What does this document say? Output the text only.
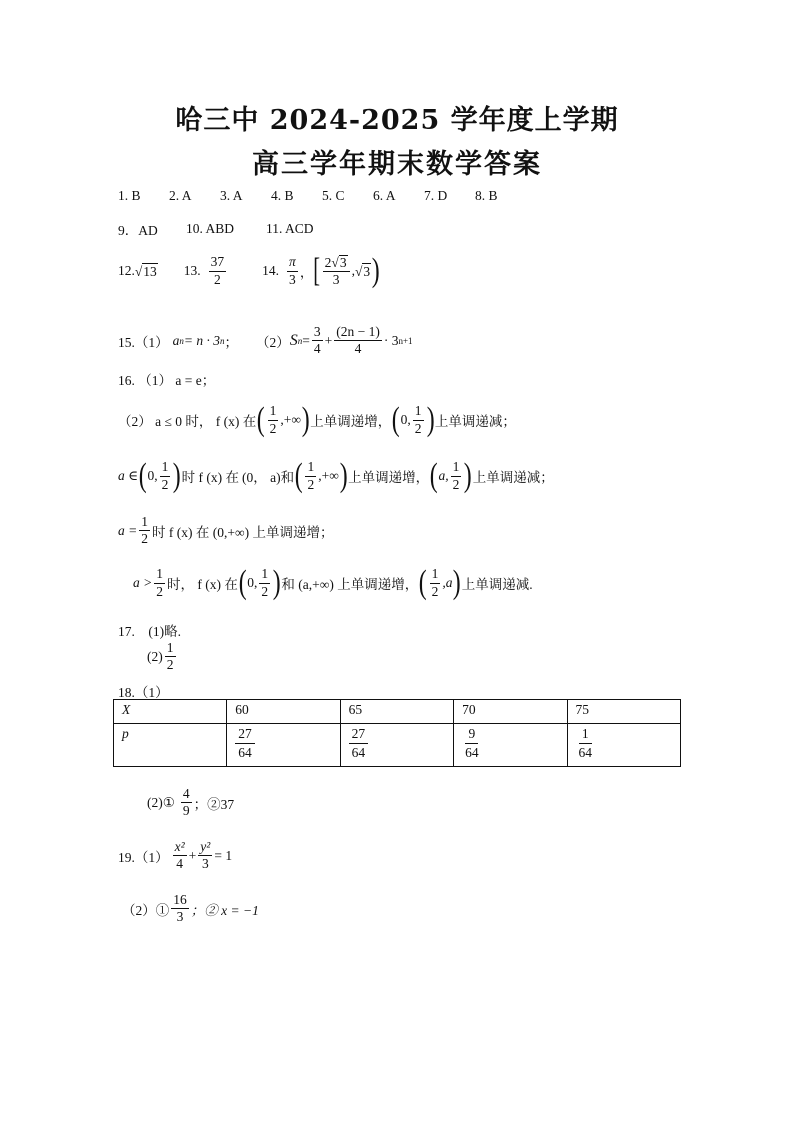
哈三中 2024-2025 学年度上学期
高三学年期末数学答案
1. B	2. A	3. A	4. B	5. C	6. A	7. D	8. B
9．AD	10. ABD	11. ACD
12. √ 13 13. $\frac{37}{2}$	14. $\frac{\pi}{3}$ ， [ $\frac{2√ 3}{3}$ , √ 3 )
15.（1） a n = n · 3 n ； （2） S $n = \frac{3}{4} + \frac{(2n - 1)}{4} \cdot 3$ n+1
16. （1） a = e；
（2） a ≤ 0 时， f (x) 在 ( $\frac{1}{2}$ ,+∞ ) 上单调递增， ( 0, $\frac{1}{2}$ ) 上单调递减；
a ∈ ( 0, $\frac{1}{2}$ ) 时 f (x) 在 (0， a) 和 ( $\frac{1}{2}$ ,+∞ ) 上单调递增， ( a, $\frac{1}{2}$ ) 上单调递减；
$a = \frac{1}{2}$ 时 f (x) 在 (0,+∞) 上单调递增；
$a > \frac{1}{2}$ 时， f (x) 在 ( 0, $\frac{1}{2}$ ) 和 (a,+∞) 上单调递增， ( $\frac{1}{2} ,a$ ) 上单调递减.
17.　(1)略.
$(2) \frac{1}{2}$
18.（1）
X	60	65	70	75
p	$\frac{27}{64}$	$\frac{27}{64}$	$\frac{9}{64}$	$\frac{1}{64}$
(2)① $\frac{4}{9}$ ；②37
$19.(1) \frac{\text{x²}}{4} + \frac{\text{y²}}{3} = 1$
（2）① $\frac{16}{3}$ ；② x = −1
